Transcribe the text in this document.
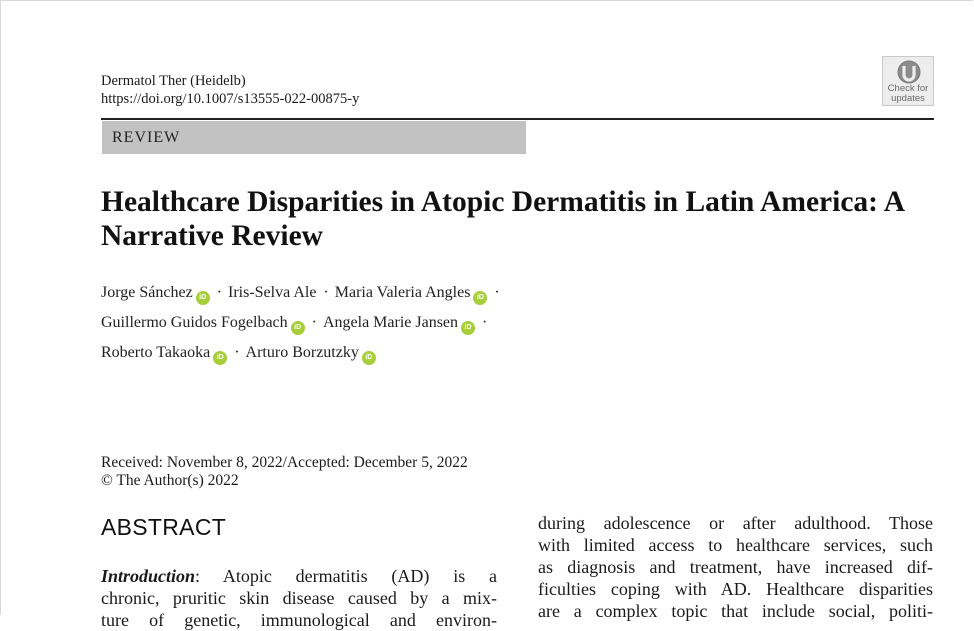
Dermatol Ther (Heidelb)
https://doi.org/10.1007/s13555-022-00875-y
Check for
updates
REVIEW
Healthcare Disparities in Atopic Dermatitis in Latin America: A Narrative Review
Jorge Sánchez iD · Iris-Selva Ale · Maria Valeria Angles iD ·
Guillermo Guidos Fogelbach iD · Angela Marie Jansen iD ·
Roberto Takaoka iD · Arturo Borzutzky iD
Received: November 8, 2022/Accepted: December 5, 2022
© The Author(s) 2022
ABSTRACT
Introduction: Atopic dermatitis (AD) is a
chronic, pruritic skin disease caused by a mix-
ture of genetic, immunological and environ-
during adolescence or after adulthood. Those
with limited access to healthcare services, such
as diagnosis and treatment, have increased dif-
ficulties coping with AD. Healthcare disparities
are a complex topic that include social, politi-
